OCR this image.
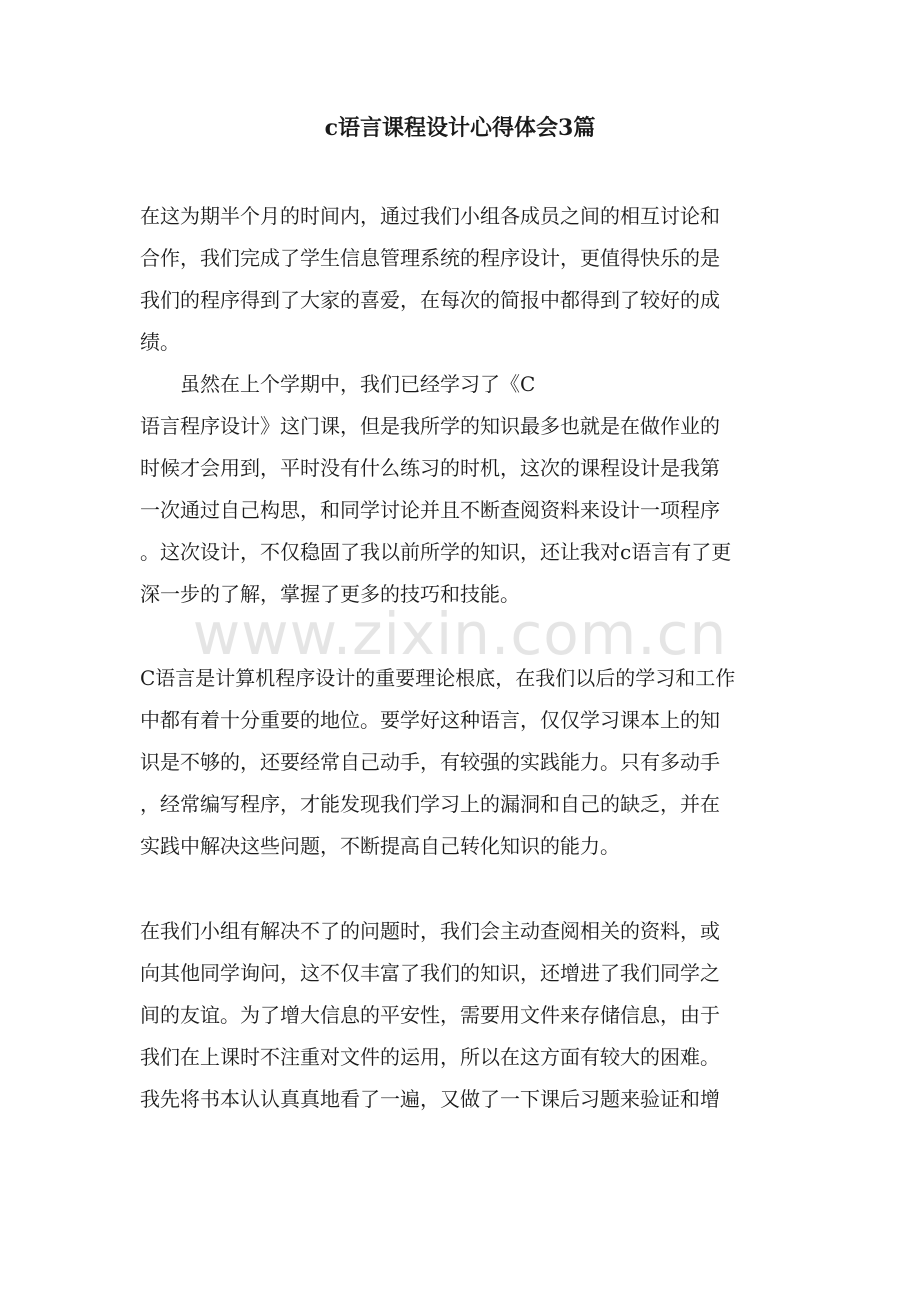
c语言课程设计心得体会3篇
在这为期半个月的时间内，通过我们小组各成员之间的相互讨论和
合作，我们完成了学生信息管理系统的程序设计，更值得快乐的是
我们的程序得到了大家的喜爱，在每次的简报中都得到了较好的成
绩。
　　虽然在上个学期中，我们已经学习了《C
语言程序设计》这门课，但是我所学的知识最多也就是在做作业的
时候才会用到，平时没有什么练习的时机，这次的课程设计是我第
一次通过自己构思，和同学讨论并且不断查阅资料来设计一项程序
。这次设计，不仅稳固了我以前所学的知识，还让我对c语言有了更
深一步的了解，掌握了更多的技巧和技能。
www.zixin.com.cn
C语言是计算机程序设计的重要理论根底，在我们以后的学习和工作
中都有着十分重要的地位。要学好这种语言，仅仅学习课本上的知
识是不够的，还要经常自己动手，有较强的实践能力。只有多动手
，经常编写程序，才能发现我们学习上的漏洞和自己的缺乏，并在
实践中解决这些问题，不断提高自己转化知识的能力。
在我们小组有解决不了的问题时，我们会主动查阅相关的资料，或
向其他同学询问，这不仅丰富了我们的知识，还增进了我们同学之
间的友谊。为了增大信息的平安性，需要用文件来存储信息，由于
我们在上课时不注重对文件的运用，所以在这方面有较大的困难。
我先将书本认认真真地看了一遍，又做了一下课后习题来验证和增
